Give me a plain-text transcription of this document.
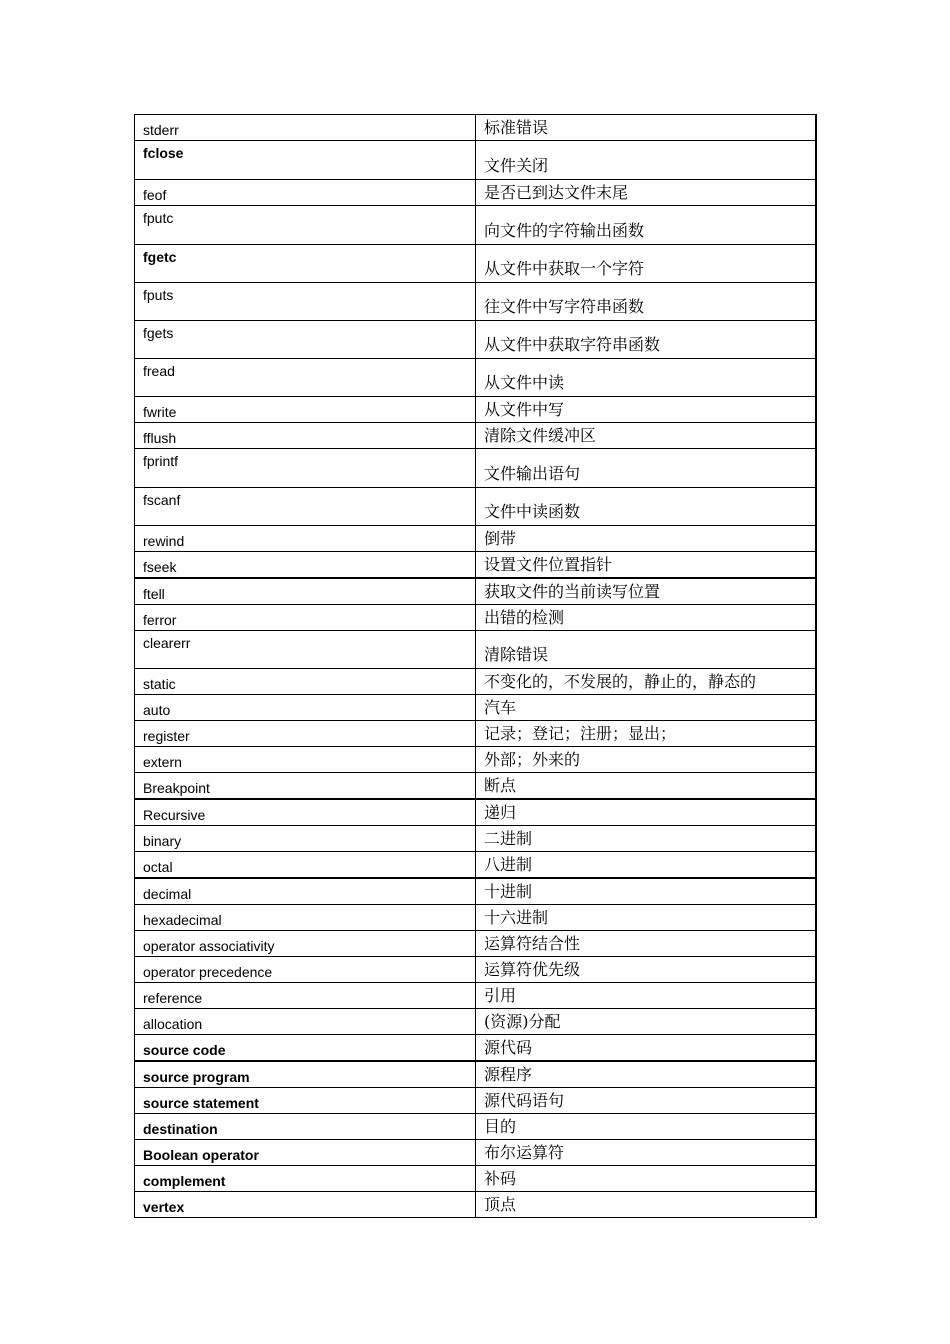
stderr	标准错误
fclose	文件关闭
feof	是否已到达文件末尾
fputc	向文件的字符输出函数
fgetc	从文件中获取一个字符
fputs	往文件中写字符串函数
fgets	从文件中获取字符串函数
fread	从文件中读
fwrite	从文件中写
fflush	清除文件缓冲区
fprintf	文件输出语句
fscanf	文件中读函数
rewind	倒带
fseek	设置文件位置指针
ftell	获取文件的当前读写位置
ferror	出错的检测
clearerr	清除错误
static	不变化的，不发展的，静止的，静态的
auto	汽车
register	记录；登记；注册；显出；
extern	外部；外来的
Breakpoint	断点
Recursive	递归
binary	二进制
octal	八进制
decimal	十进制
hexadecimal	十六进制
operator associativity	运算符结合性
operator precedence	运算符优先级
reference	引用
allocation	(资源)分配
source code	源代码
source program	源程序
source statement	源代码语句
destination	目的
Boolean operator	布尔运算符
complement	补码
vertex	顶点
